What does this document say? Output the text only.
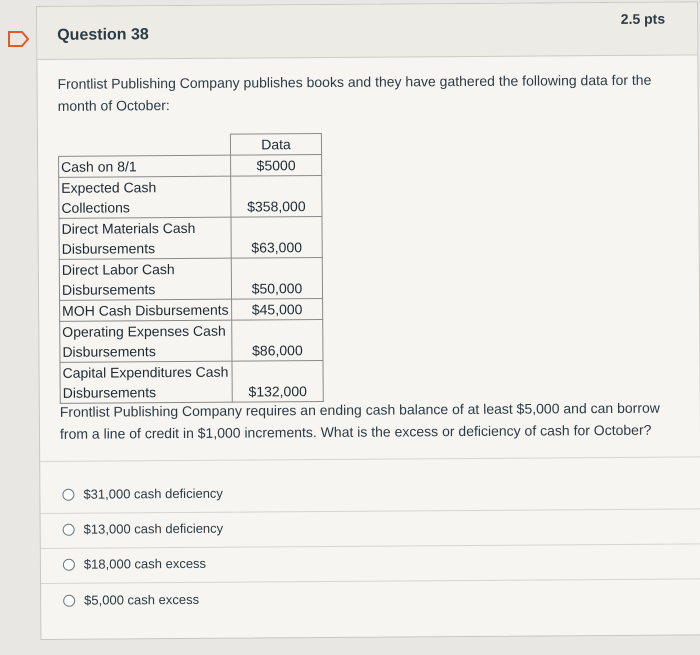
Question 38
2.5 pts
Frontlist Publishing Company publishes books and they have gathered the following data for the month of October:
	Data
Cash on 8/1	$5000
Expected Cash Collections	$358,000
Direct Materials Cash Disbursements	$63,000
Direct Labor Cash Disbursements	$50,000
MOH Cash Disbursements	$45,000
Operating Expenses Cash Disbursements	$86,000
Capital Expenditures Cash Disbursements	$132,000
Frontlist Publishing Company requires an ending cash balance of at least $5,000 and can borrow from a line of credit in $1,000 increments. What is the excess or deficiency of cash for October?
$31,000 cash deficiency
$13,000 cash deficiency
$18,000 cash excess
$5,000 cash excess
